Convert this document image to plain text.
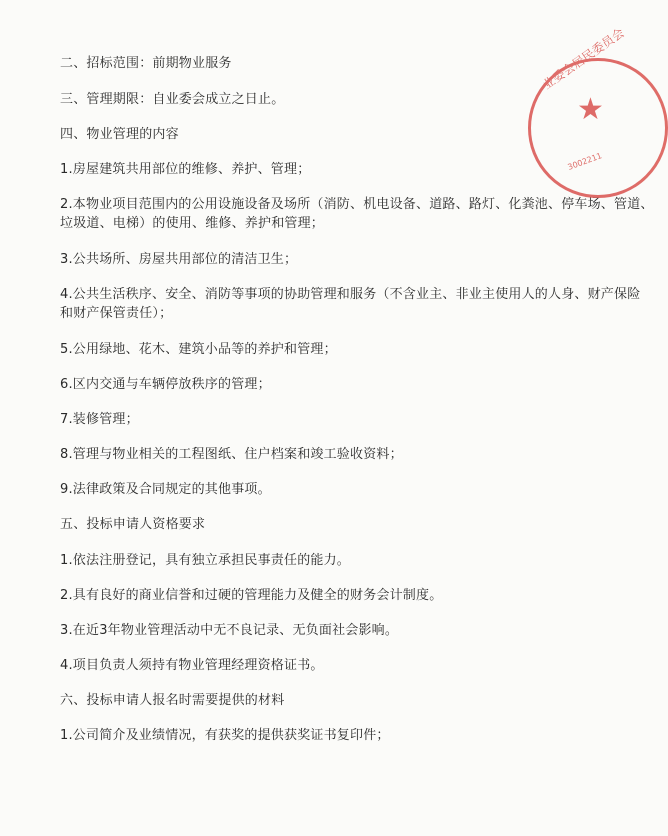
二、招标范围：前期物业服务
三、管理期限：自业委会成立之日止。
四、物业管理的内容
1.房屋建筑共用部位的维修、养护、管理；
2.本物业项目范围内的公用设施设备及场所（消防、机电设备、道路、路灯、化粪池、停车场、管道、
垃圾道、电梯）的使用、维修、养护和管理；
3.公共场所、房屋共用部位的清洁卫生；
4.公共生活秩序、安全、消防等事项的协助管理和服务（不含业主、非业主使用人的人身、财产保险
和财产保管责任）；
5.公用绿地、花木、建筑小品等的养护和管理；
6.区内交通与车辆停放秩序的管理；
7.装修管理；
8.管理与物业相关的工程图纸、住户档案和竣工验收资料；
9.法律政策及合同规定的其他事项。
五、投标申请人资格要求
1.依法注册登记，具有独立承担民事责任的能力。
2.具有良好的商业信誉和过硬的管理能力及健全的财务会计制度。
3.在近3年物业管理活动中无不良记录、无负面社会影响。
4.项目负责人须持有物业管理经理资格证书。
六、投标申请人报名时需要提供的材料
1.公司简介及业绩情况，有获奖的提供获奖证书复印件；
业委会居民委员会
★
3002211
